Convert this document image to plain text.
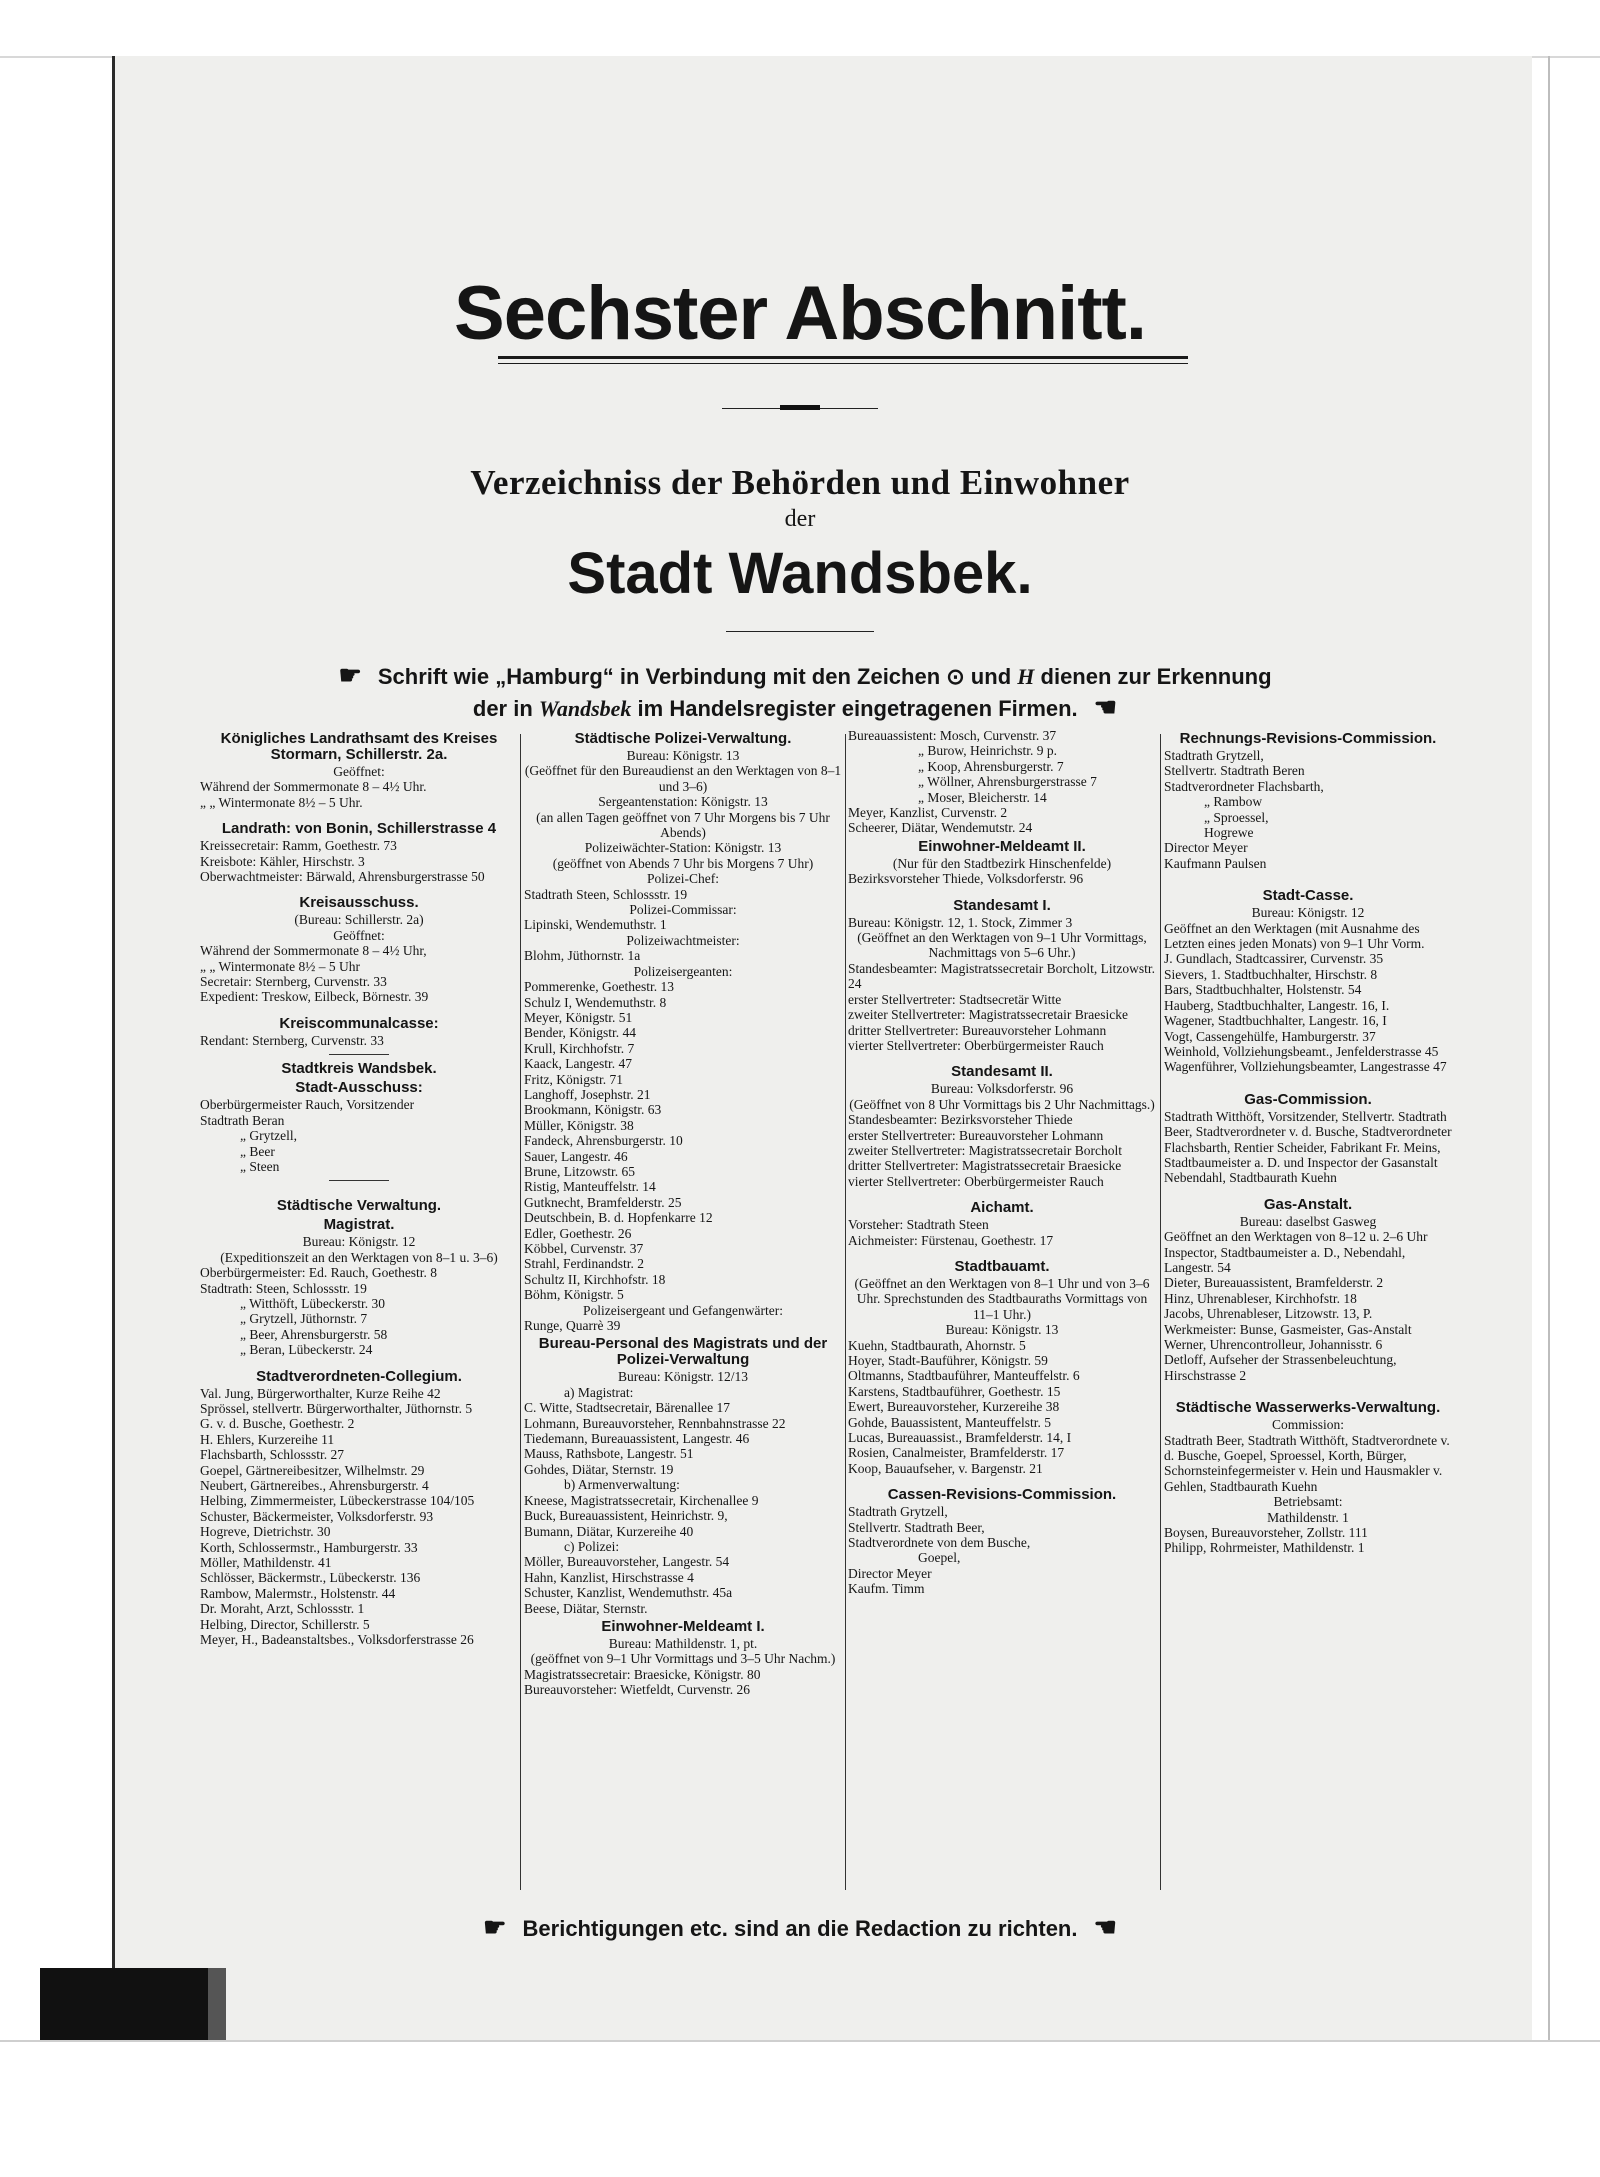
Sechster Abschnitt.
Verzeichniss der Behörden und Einwohner
der
Stadt Wandsbek.
☛ Schrift wie „Hamburg“ in Verbindung mit den Zeichen ⊙ und H dienen zur Erkennung
der in Wandsbek im Handelsregister eingetragenen Firmen. ☚
Königliches Landrathsamt des Kreises Stormarn, Schillerstr. 2a.
Geöffnet:
Während der Sommermonate 8 – 4½ Uhr.
„ „ Wintermonate 8½ – 5 Uhr.
Landrath: von Bonin, Schillerstrasse 4
Kreissecretair: Ramm, Goethestr. 73
Kreisbote: Kähler, Hirschstr. 3
Oberwachtmeister: Bärwald, Ahrensburgerstrasse 50
Kreisausschuss.
(Bureau: Schillerstr. 2a)
Geöffnet:
Während der Sommermonate 8 – 4½ Uhr,
„ „ Wintermonate 8½ – 5 Uhr
Secretair: Sternberg, Curvenstr. 33
Expedient: Treskow, Eilbeck, Börnestr. 39
Kreiscommunalcasse:
Rendant: Sternberg, Curvenstr. 33
Stadtkreis Wandsbek.
Stadt-Ausschuss:
Oberbürgermeister Rauch, Vorsitzender
Stadtrath Beran
„ Grytzell,
„ Beer
„ Steen
Städtische Verwaltung.
Magistrat.
Bureau: Königstr. 12
(Expeditionszeit an den Werktagen von 8–1 u. 3–6)
Oberbürgermeister: Ed. Rauch, Goethestr. 8
Stadtrath: Steen, Schlossstr. 19
„ Witthöft, Lübeckerstr. 30
„ Grytzell, Jüthornstr. 7
„ Beer, Ahrensburgerstr. 58
„ Beran, Lübeckerstr. 24
Stadtverordneten-Collegium.
Val. Jung, Bürgerworthalter, Kurze Reihe 42
Sprössel, stellvertr. Bürgerworthalter, Jüthornstr. 5
G. v. d. Busche, Goethestr. 2
H. Ehlers, Kurzereihe 11
Flachsbarth, Schlossstr. 27
Goepel, Gärtnereibesitzer, Wilhelmstr. 29
Neubert, Gärtnereibes., Ahrensburgerstr. 4
Helbing, Zimmermeister, Lübeckerstrasse 104/105
Schuster, Bäckermeister, Volksdorferstr. 93
Hogreve, Dietrichstr. 30
Korth, Schlossermstr., Hamburgerstr. 33
Möller, Mathildenstr. 41
Schlösser, Bäckermstr., Lübeckerstr. 136
Rambow, Malermstr., Holstenstr. 44
Dr. Moraht, Arzt, Schlossstr. 1
Helbing, Director, Schillerstr. 5
Meyer, H., Badeanstaltsbes., Volksdorferstrasse 26
Städtische Polizei-Verwaltung.
Bureau: Königstr. 13
(Geöffnet für den Bureaudienst an den Werktagen von 8–1 und 3–6)
Sergeantenstation: Königstr. 13
(an allen Tagen geöffnet von 7 Uhr Morgens bis 7 Uhr Abends)
Polizeiwächter-Station: Königstr. 13
(geöffnet von Abends 7 Uhr bis Morgens 7 Uhr)
Polizei-Chef:
Stadtrath Steen, Schlossstr. 19
Polizei-Commissar:
Lipinski, Wendemuthstr. 1
Polizeiwachtmeister:
Blohm, Jüthornstr. 1a
Polizeisergeanten:
Pommerenke, Goethestr. 13
Schulz I, Wendemuthstr. 8
Meyer, Königstr. 51
Bender, Königstr. 44
Krull, Kirchhofstr. 7
Kaack, Langestr. 47
Fritz, Königstr. 71
Langhoff, Josephstr. 21
Brookmann, Königstr. 63
Müller, Königstr. 38
Fandeck, Ahrensburgerstr. 10
Sauer, Langestr. 46
Brune, Litzowstr. 65
Ristig, Manteuffelstr. 14
Gutknecht, Bramfelderstr. 25
Deutschbein, B. d. Hopfenkarre 12
Edler, Goethestr. 26
Köbbel, Curvenstr. 37
Strahl, Ferdinandstr. 2
Schultz II, Kirchhofstr. 18
Böhm, Königstr. 5
Polizeisergeant und Gefangenwärter:
Runge, Quarrè 39
Bureau-Personal des Magistrats und der Polizei-Verwaltung
Bureau: Königstr. 12/13
a) Magistrat:
C. Witte, Stadtsecretair, Bärenallee 17
Lohmann, Bureauvorsteher, Rennbahnstrasse 22
Tiedemann, Bureauassistent, Langestr. 46
Mauss, Rathsbote, Langestr. 51
Gohdes, Diätar, Sternstr. 19
b) Armenverwaltung:
Kneese, Magistratssecretair, Kirchenallee 9
Buck, Bureauassistent, Heinrichstr. 9,
Bumann, Diätar, Kurzereihe 40
c) Polizei:
Möller, Bureauvorsteher, Langestr. 54
Hahn, Kanzlist, Hirschstrasse 4
Schuster, Kanzlist, Wendemuthstr. 45a
Beese, Diätar, Sternstr.
Einwohner-Meldeamt I.
Bureau: Mathildenstr. 1, pt.
(geöffnet von 9–1 Uhr Vormittags und 3–5 Uhr Nachm.)
Magistratssecretair: Braesicke, Königstr. 80
Bureauvorsteher: Wietfeldt, Curvenstr. 26
Bureauassistent: Mosch, Curvenstr. 37
„ Burow, Heinrichstr. 9 p.
„ Koop, Ahrensburgerstr. 7
„ Wöllner, Ahrensburgerstrasse 7
„ Moser, Bleicherstr. 14
Meyer, Kanzlist, Curvenstr. 2
Scheerer, Diätar, Wendemutstr. 24
Einwohner-Meldeamt II.
(Nur für den Stadtbezirk Hinschenfelde)
Bezirksvorsteher Thiede, Volksdorferstr. 96
Standesamt I.
Bureau: Königstr. 12, 1. Stock, Zimmer 3
(Geöffnet an den Werktagen von 9–1 Uhr Vormittags, Nachmittags von 5–6 Uhr.)
Standesbeamter: Magistratssecretair Borcholt, Litzowstr. 24
erster Stellvertreter: Stadtsecretär Witte
zweiter Stellvertreter: Magistratssecretair Braesicke
dritter Stellvertreter: Bureauvorsteher Lohmann
vierter Stellvertreter: Oberbürgermeister Rauch
Standesamt II.
Bureau: Volksdorferstr. 96
(Geöffnet von 8 Uhr Vormittags bis 2 Uhr Nachmittags.)
Standesbeamter: Bezirksvorsteher Thiede
erster Stellvertreter: Bureauvorsteher Lohmann
zweiter Stellvertreter: Magistratssecretair Borcholt
dritter Stellvertreter: Magistratssecretair Braesicke
vierter Stellvertreter: Oberbürgermeister Rauch
Aichamt.
Vorsteher: Stadtrath Steen
Aichmeister: Fürstenau, Goethestr. 17
Stadtbauamt.
(Geöffnet an den Werktagen von 8–1 Uhr und von 3–6 Uhr. Sprechstunden des Stadtbauraths Vormittags von 11–1 Uhr.)
Bureau: Königstr. 13
Kuehn, Stadtbaurath, Ahornstr. 5
Hoyer, Stadt-Bauführer, Königstr. 59
Oltmanns, Stadtbauführer, Manteuffelstr. 6
Karstens, Stadtbauführer, Goethestr. 15
Ewert, Bureauvorsteher, Kurzereihe 38
Gohde, Bauassistent, Manteuffelstr. 5
Lucas, Bureauassist., Bramfelderstr. 14, I
Rosien, Canalmeister, Bramfelderstr. 17
Koop, Bauaufseher, v. Bargenstr. 21
Cassen-Revisions-Commission.
Stadtrath Grytzell,
Stellvertr. Stadtrath Beer,
Stadtverordnete von dem Busche,
Goepel,
Director Meyer
Kaufm. Timm
Rechnungs-Revisions-Commission.
Stadtrath Grytzell,
Stellvertr. Stadtrath Beren
Stadtverordneter Flachsbarth,
„ Rambow
„ Sproessel,
Hogrewe
Director Meyer
Kaufmann Paulsen
Stadt-Casse.
Bureau: Königstr. 12
Geöffnet an den Werktagen (mit Ausnahme des Letzten eines jeden Monats) von 9–1 Uhr Vorm.
J. Gundlach, Stadtcassirer, Curvenstr. 35
Sievers, 1. Stadtbuchhalter, Hirschstr. 8
Bars, Stadtbuchhalter, Holstenstr. 54
Hauberg, Stadtbuchhalter, Langestr. 16, I.
Wagener, Stadtbuchhalter, Langestr. 16, I
Vogt, Cassengehülfe, Hamburgerstr. 37
Weinhold, Vollziehungsbeamt., Jenfelderstrasse 45
Wagenführer, Vollziehungsbeamter, Langestrasse 47
Gas-Commission.
Stadtrath Witthöft, Vorsitzender, Stellvertr. Stadtrath Beer, Stadtverordneter v. d. Busche, Stadtverordneter Flachsbarth, Rentier Scheider, Fabrikant Fr. Meins, Stadtbaumeister a. D. und Inspector der Gasanstalt Nebendahl, Stadtbaurath Kuehn
Gas-Anstalt.
Bureau: daselbst Gasweg
Geöffnet an den Werktagen von 8–12 u. 2–6 Uhr
Inspector, Stadtbaumeister a. D., Nebendahl, Langestr. 54
Dieter, Bureauassistent, Bramfelderstr. 2
Hinz, Uhrenableser, Kirchhofstr. 18
Jacobs, Uhrenableser, Litzowstr. 13, P.
Werkmeister: Bunse, Gasmeister, Gas-Anstalt
Werner, Uhrencontrolleur, Johannisstr. 6
Detloff, Aufseher der Strassenbeleuchtung, Hirschstrasse 2
Städtische Wasserwerks-Verwaltung.
Commission:
Stadtrath Beer, Stadtrath Witthöft, Stadtverordnete v. d. Busche, Goepel, Sproessel, Korth, Bürger, Schornsteinfegermeister v. Hein und Hausmakler v. Gehlen, Stadtbaurath Kuehn
Betriebsamt:
Mathildenstr. 1
Boysen, Bureauvorsteher, Zollstr. 111
Philipp, Rohrmeister, Mathildenstr. 1
☛ Berichtigungen etc. sind an die Redaction zu richten. ☚
